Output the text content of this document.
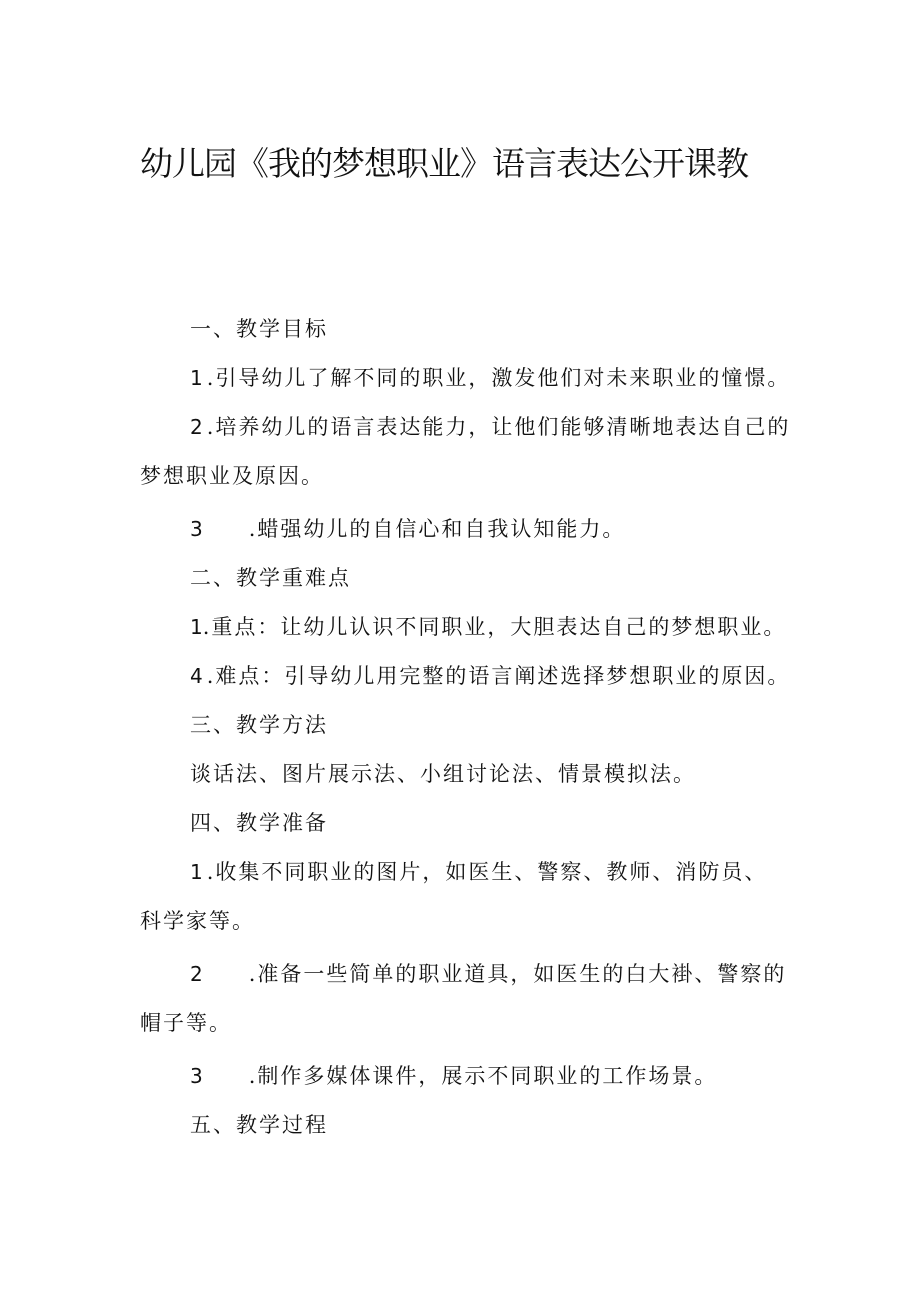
幼儿园《我的梦想职业》语言表达公开课教
一、教学目标
1 .引导幼儿了解不同的职业，激发他们对未来职业的憧憬。
2 .培养幼儿的语言表达能力，让他们能够清晰地表达自己的
梦想职业及原因。
3 .蜡强幼儿的自信心和自我认知能力。
二、教学重难点
1.重点：让幼儿认识不同职业，大胆表达自己的梦想职业。
4 .难点：引导幼儿用完整的语言阐述选择梦想职业的原因。
三、教学方法
谈话法、图片展示法、小组讨论法、情景模拟法。
四、教学准备
1 .收集不同职业的图片，如医生、警察、教师、消防员、
科学家等。
2 .准备一些简单的职业道具，如医生的白大褂、警察的
帽子等。
3 .制作多媒体课件，展示不同职业的工作场景。
五、教学过程
